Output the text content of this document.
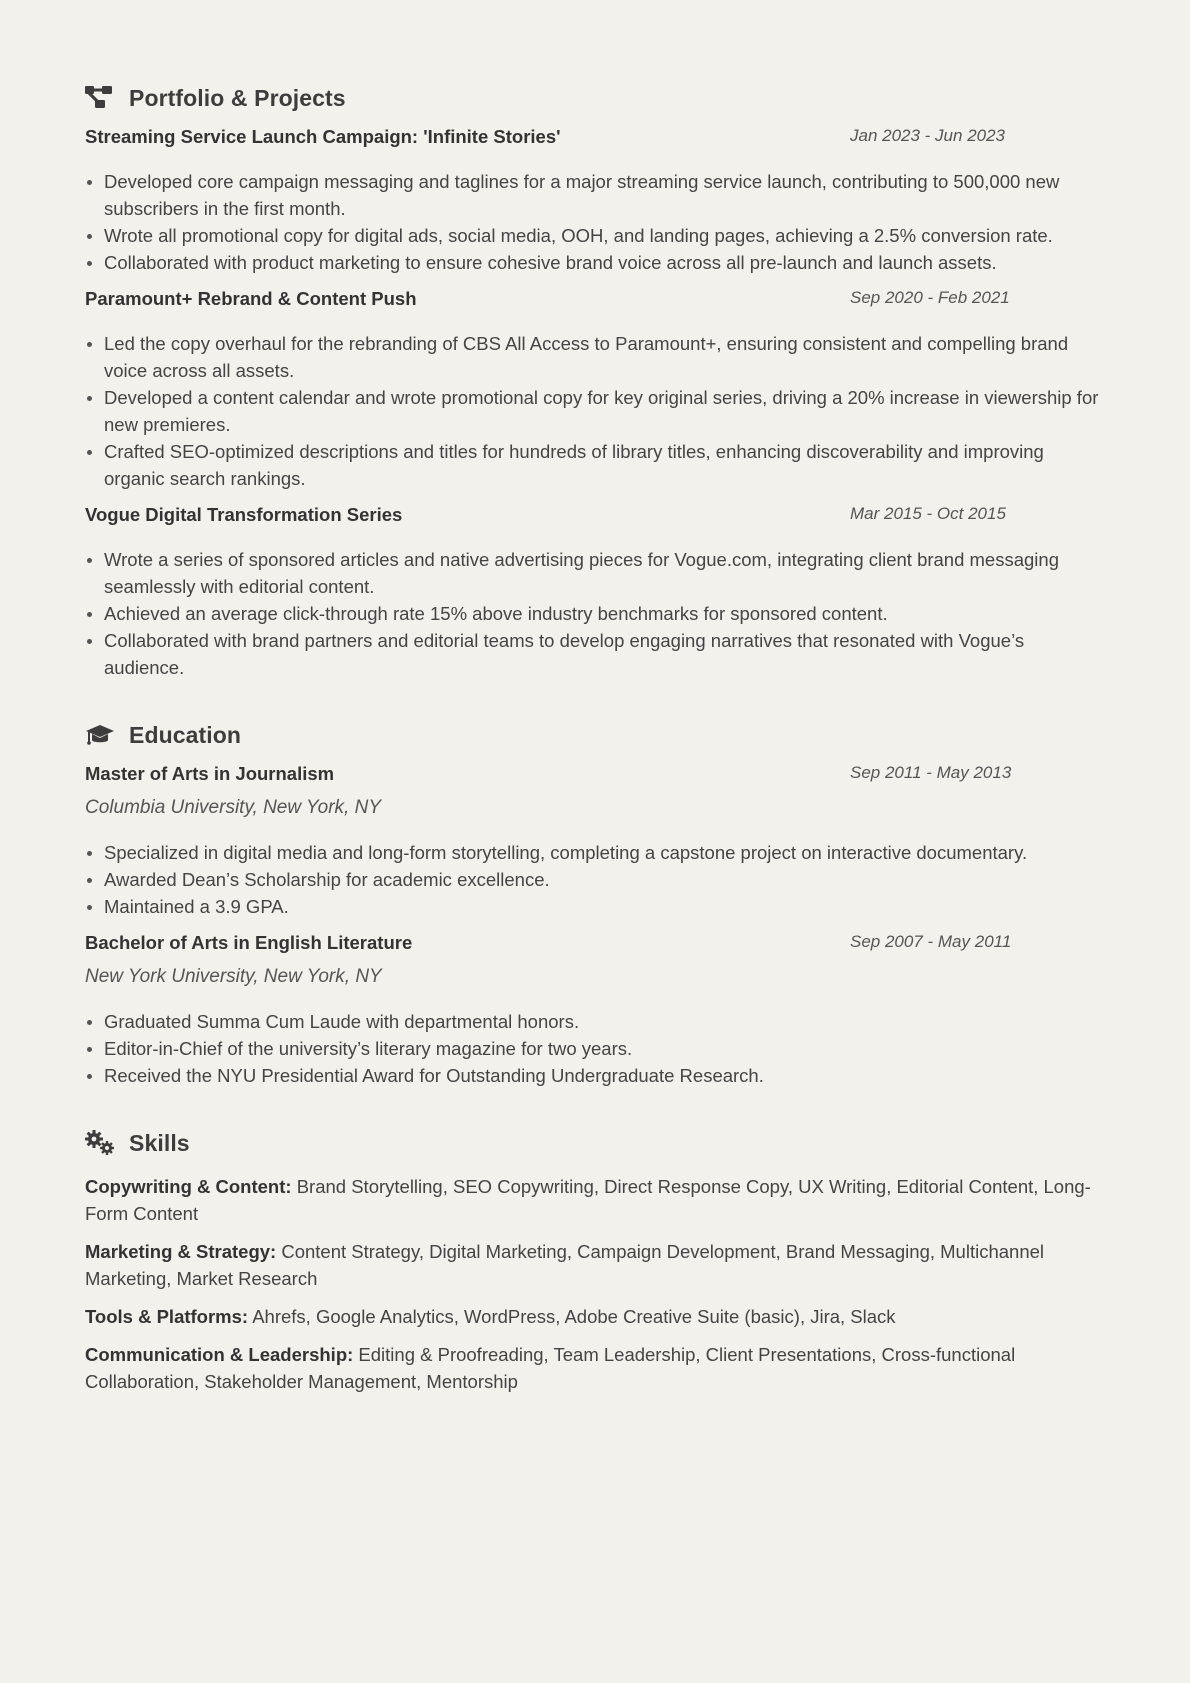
Portfolio & Projects
Streaming Service Launch Campaign: 'Infinite Stories'	Jan 2023 - Jun 2023
Developed core campaign messaging and taglines for a major streaming service launch, contributing to 500,000 new subscribers in the first month.
Wrote all promotional copy for digital ads, social media, OOH, and landing pages, achieving a 2.5% conversion rate.
Collaborated with product marketing to ensure cohesive brand voice across all pre-launch and launch assets.
Paramount+ Rebrand & Content Push	Sep 2020 - Feb 2021
Led the copy overhaul for the rebranding of CBS All Access to Paramount+, ensuring consistent and compelling brand voice across all assets.
Developed a content calendar and wrote promotional copy for key original series, driving a 20% increase in viewership for new premieres.
Crafted SEO-optimized descriptions and titles for hundreds of library titles, enhancing discoverability and improving organic search rankings.
Vogue Digital Transformation Series	Mar 2015 - Oct 2015
Wrote a series of sponsored articles and native advertising pieces for Vogue.com, integrating client brand messaging seamlessly with editorial content.
Achieved an average click-through rate 15% above industry benchmarks for sponsored content.
Collaborated with brand partners and editorial teams to develop engaging narratives that resonated with Vogue’s audience.
Education
Master of Arts in Journalism	Sep 2011 - May 2013
Columbia University, New York, NY
Specialized in digital media and long-form storytelling, completing a capstone project on interactive documentary.
Awarded Dean’s Scholarship for academic excellence.
Maintained a 3.9 GPA.
Bachelor of Arts in English Literature	Sep 2007 - May 2011
New York University, New York, NY
Graduated Summa Cum Laude with departmental honors.
Editor-in-Chief of the university’s literary magazine for two years.
Received the NYU Presidential Award for Outstanding Undergraduate Research.
Skills
Copywriting & Content: Brand Storytelling, SEO Copywriting, Direct Response Copy, UX Writing, Editorial Content, Long-Form Content
Marketing & Strategy: Content Strategy, Digital Marketing, Campaign Development, Brand Messaging, Multichannel Marketing, Market Research
Tools & Platforms: Ahrefs, Google Analytics, WordPress, Adobe Creative Suite (basic), Jira, Slack
Communication & Leadership: Editing & Proofreading, Team Leadership, Client Presentations, Cross-functional Collaboration, Stakeholder Management, Mentorship
